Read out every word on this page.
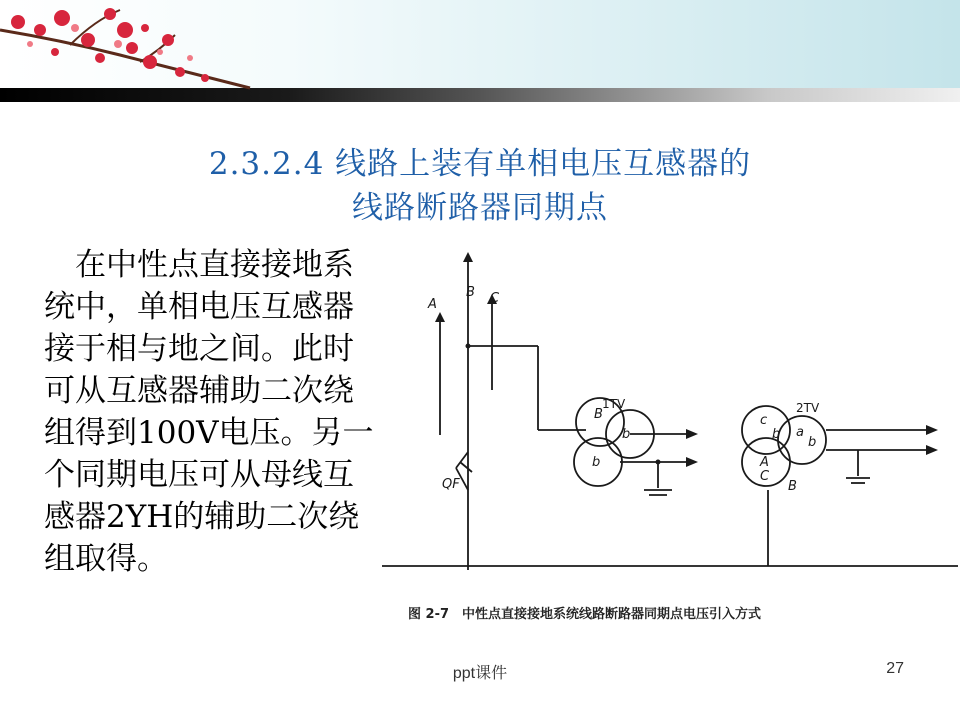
2.3.2.4 线路上装有单相电压互感器的
线路断路器同期点
　在中性点直接接地系统中，单相电压互感器接于相与地之间。此时可从互感器辅助二次绕组得到100V电压。另一个同期电压可从母线互感器2YH的辅助二次绕组取得。
A
B C
QF
B
b
b
c
b
A
C
a
b
B
1TV	2TV
图 2-7　中性点直接接地系统线路断路器同期点电压引入方式
ppt课件	27
